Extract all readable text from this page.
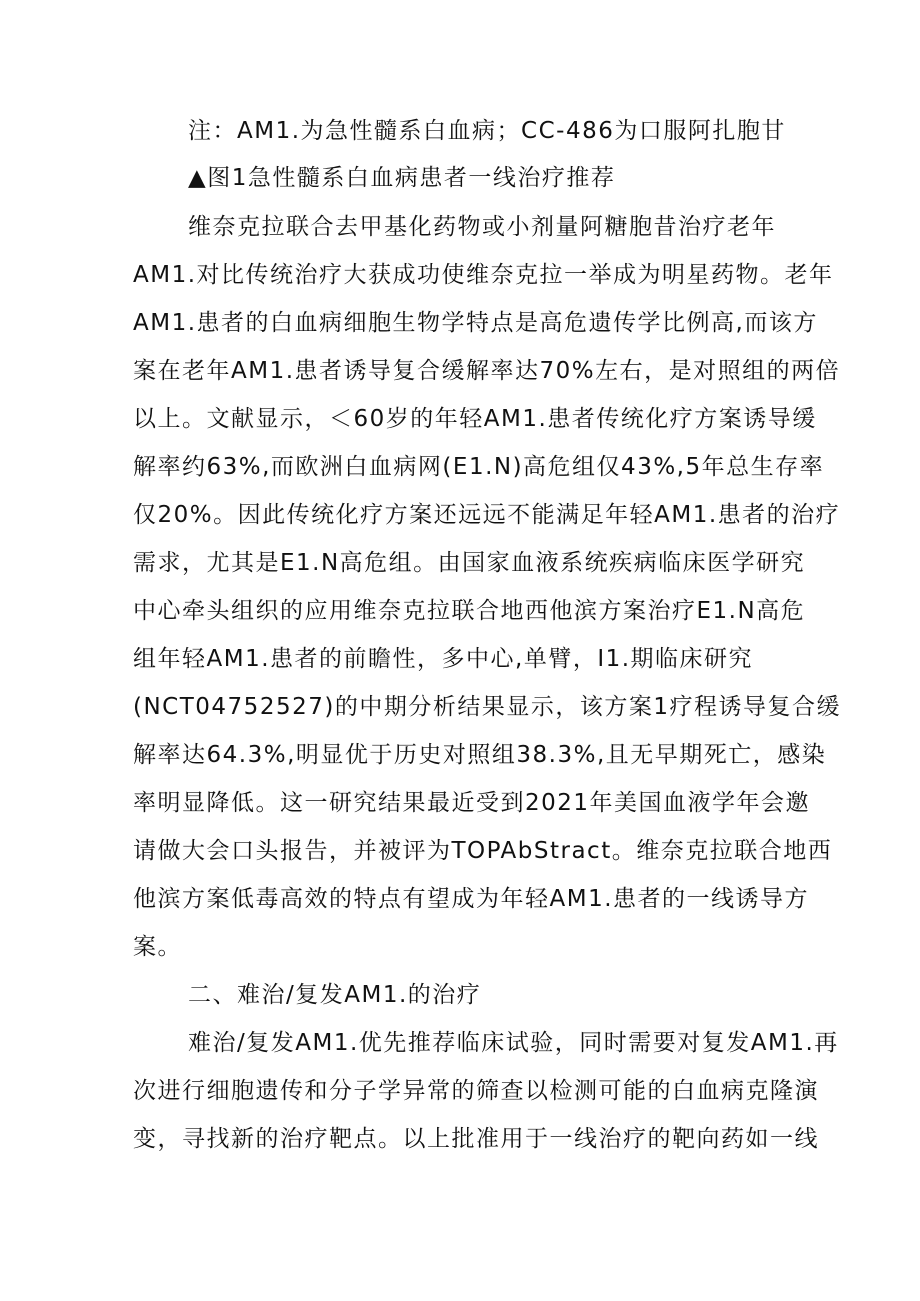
注：AM1.为急性髓系白血病；CC-486为口服阿扎胞甘
▲图1急性髓系白血病患者一线治疗推荐
维奈克拉联合去甲基化药物或小剂量阿糖胞昔治疗老年
AM1.对比传统治疗大获成功使维奈克拉一举成为明星药物。老年
AM1.患者的白血病细胞生物学特点是高危遗传学比例高,而该方
案在老年AM1.患者诱导复合缓解率达70%左右，是对照组的两倍
以上。文献显示，＜60岁的年轻AM1.患者传统化疗方案诱导缓
解率约63%,而欧洲白血病网(E1.N)高危组仅43%,5年总生存率
仅20%。因此传统化疗方案还远远不能满足年轻AM1.患者的治疗
需求，尤其是E1.N高危组。由国家血液系统疾病临床医学研究
中心牵头组织的应用维奈克拉联合地西他滨方案治疗E1.N高危
组年轻AM1.患者的前瞻性，多中心,单臂，I1.期临床研究
(NCT04752527)的中期分析结果显示，该方案1疗程诱导复合缓
解率达64.3%,明显优于历史对照组38.3%,且无早期死亡，感染
率明显降低。这一研究结果最近受到2021年美国血液学年会邀
请做大会口头报告，并被评为TOPAbStract。维奈克拉联合地西
他滨方案低毒高效的特点有望成为年轻AM1.患者的一线诱导方
案。
二、难治/复发AM1.的治疗
难治/复发AM1.优先推荐临床试验，同时需要对复发AM1.再
次进行细胞遗传和分子学异常的筛查以检测可能的白血病克隆演
变，寻找新的治疗靶点。以上批准用于一线治疗的靶向药如一线
